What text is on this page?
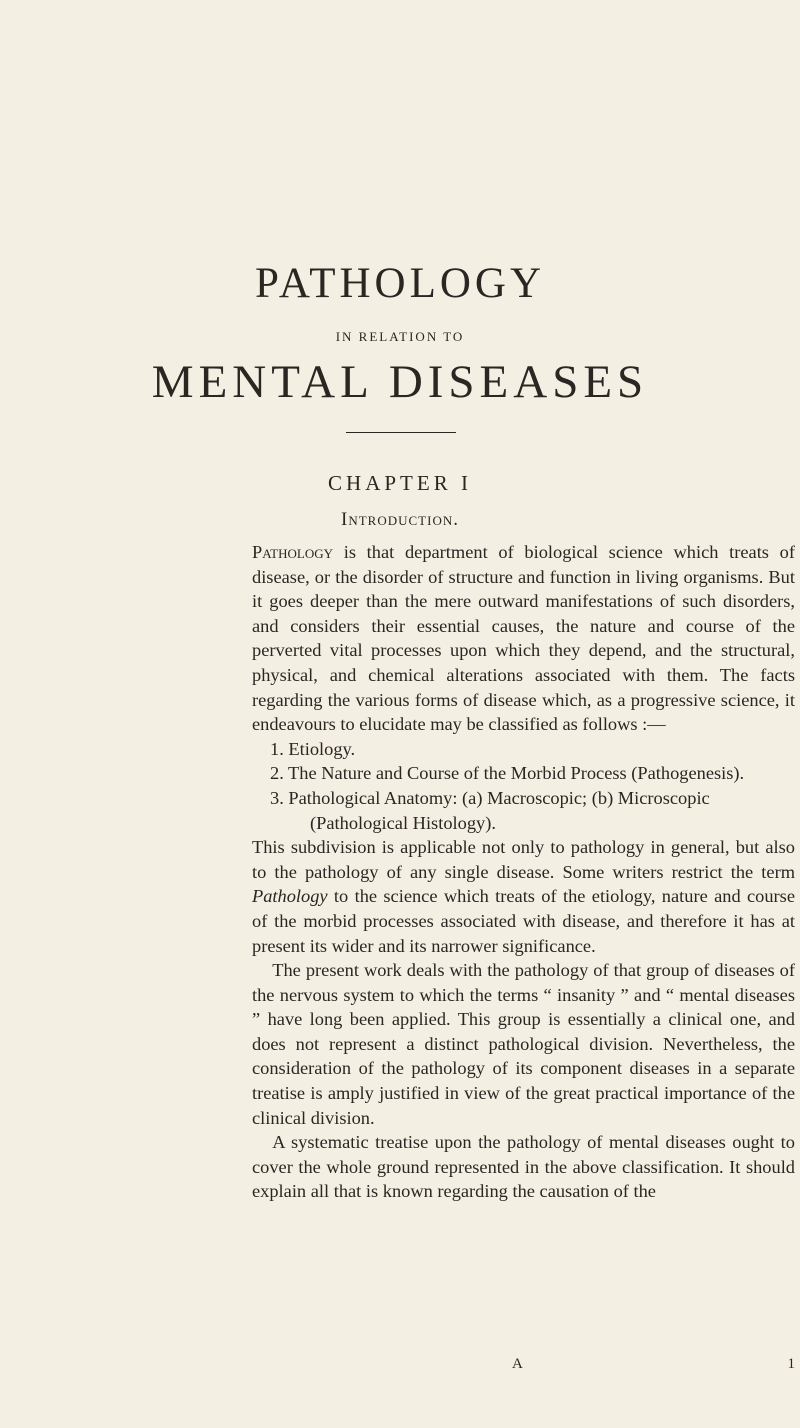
PATHOLOGY
IN RELATION TO
MENTAL DISEASES
CHAPTER I
Introduction.

Pathology is that department of biological science which treats of disease, or the disorder of structure and function in living organisms. But it goes deeper than the mere outward manifestations of such disorders, and considers their essential causes, the nature and course of the perverted vital processes upon which they depend, and the structural, physical, and chemical alterations associated with them. The facts regarding the various forms of disease which, as a progressive science, it endeavours to elucidate may be classified as follows :—

1. Etiology.
2. The Nature and Course of the Morbid Process (Pathogenesis).
3. Pathological Anatomy: (a) Macroscopic; (b) Microscopic
(Pathological Histology).

This subdivision is applicable not only to pathology in general, but also to the pathology of any single disease. Some writers restrict the term Pathology to the science which treats of the etiology, nature and course of the morbid processes associated with disease, and therefore it has at present its wider and its narrower significance.

The present work deals with the pathology of that group of diseases of the nervous system to which the terms “ insanity ” and “ mental diseases ” have long been applied. This group is essentially a clinical one, and does not represent a distinct pathological division. Nevertheless, the consideration of the pathology of its component diseases in a separate treatise is amply justified in view of the great practical importance of the clinical division.

A systematic treatise upon the pathology of mental diseases ought to cover the whole ground represented in the above classification. It should explain all that is known regarding the causation of the

A	1
